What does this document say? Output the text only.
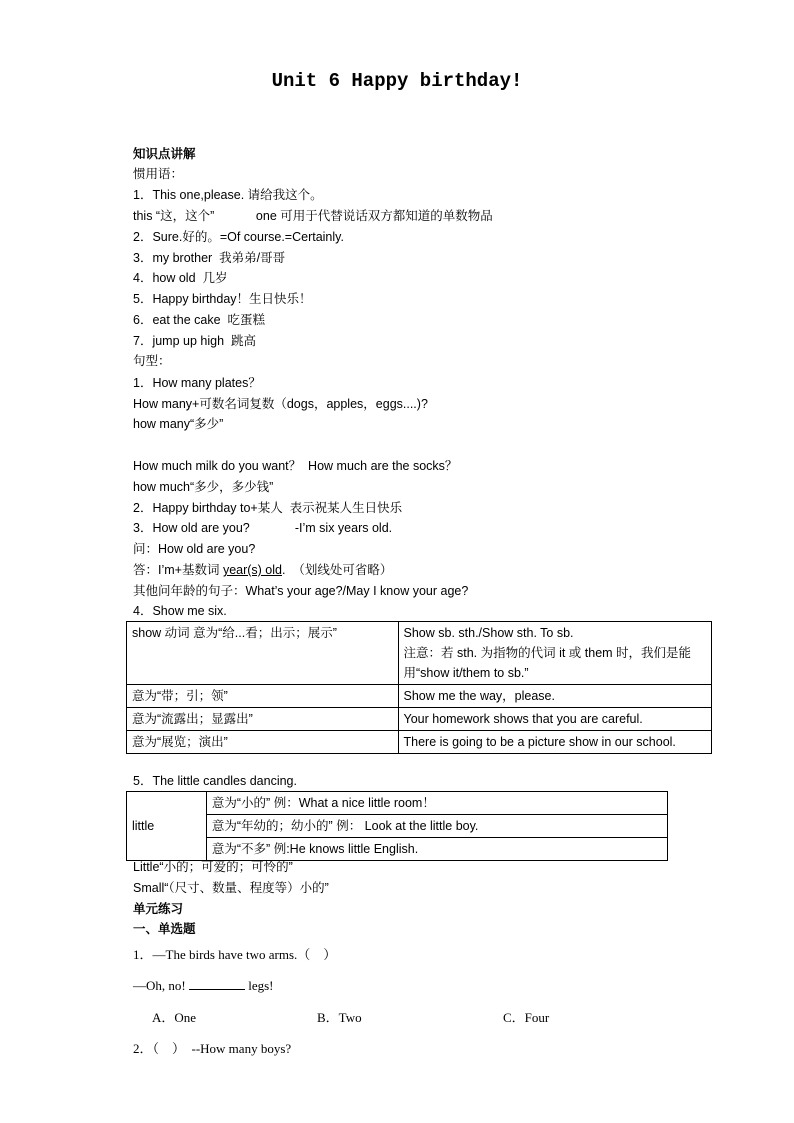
Unit 6 Happy birthday!
知识点讲解
惯用语：
1．This one,please. 请给我这个。
this “这，这个”            one 可用于代替说话双方都知道的单数物品
2．Sure.好的。=Of course.=Certainly.
3．my brother  我弟弟/哥哥
4．how old  几岁
5．Happy birthday！生日快乐！
6．eat the cake  吃蛋糕
7．jump up high  跳高
句型：
1．How many plates？
How many+可数名词复数（dogs，apples，eggs....)?
how many“多少”
How much milk do you want？  How much are the socks？
how much“多少，多少钱”
2．Happy birthday to+某人  表示祝某人生日快乐
3．How old are you?             -I’m six years old.
问：How old are you?
答：I’m+基数词 year(s) old.  （划线处可省略）
其他问年龄的句子：What’s your age?/May I know your age?
4．Show me six.
show 动词 意为“给...看；出示；展示”	Show sb. sth./Show sth. To sb.
注意：若 sth. 为指物的代词 it 或 them 时，我们是能用“show it/them to sb.”

意为“带；引；领”	Show me the way，please.
意为“流露出；显露出”	Your homework shows that you are careful.
意为“展览；演出”	There is going to be a picture show in our school.
5．The little candles dancing.
little	意为“小的” 例：What a nice little room！
意为“年幼的；幼小的” 例： Look at the little boy.
意为“不多” 例:He knows little English.
Little“小的；可爱的；可怜的”
Small“（尺寸、数量、程度等）小的”
单元练习
一、单选题
1．—The birds have two arms.（    ）
—Oh, no!	legs!
A．One	B．Two	C．Four
2．（    ）  --How many boys?
